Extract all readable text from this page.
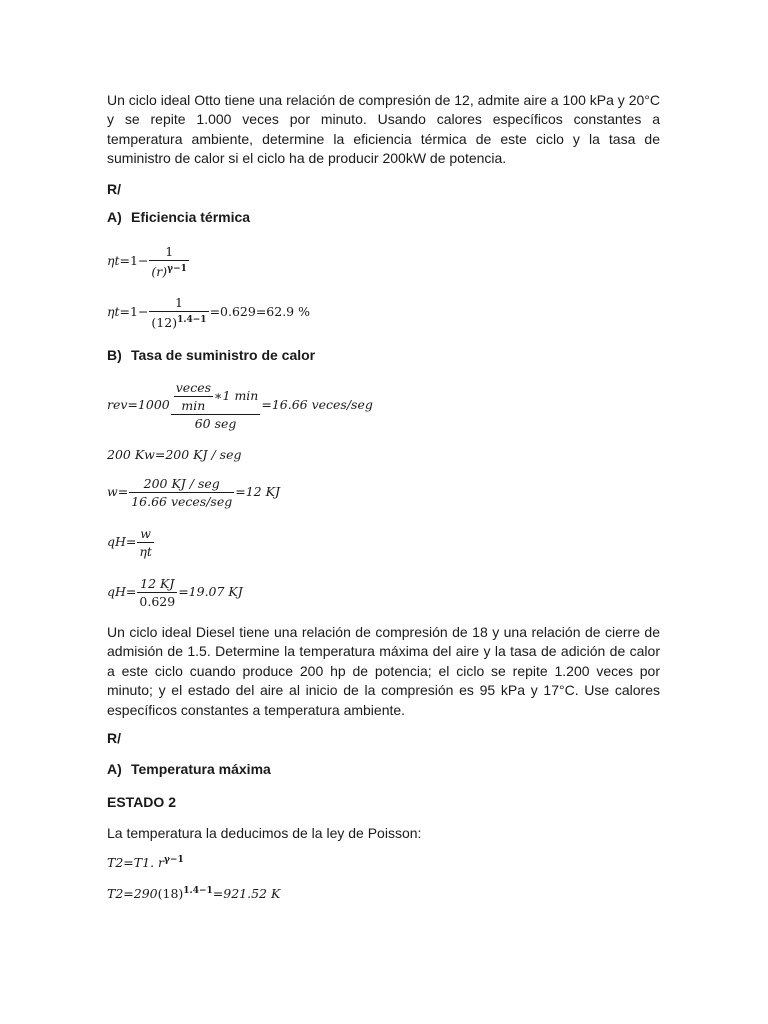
Un ciclo ideal Otto tiene una relación de compresión de 12, admite aire a 100 kPa y 20°C y se repite 1.000 veces por minuto. Usando calores específicos constantes a temperatura ambiente, determine la eficiencia térmica de este ciclo y la tasa de suministro de calor si el ciclo ha de producir 200kW de potencia.

R/

A) Eficiencia térmica

$\eta t=1- \frac{1}{(r)^{\gamma-1}}$
$\eta t=1- \frac{1}{(12)^{1.4-1}} =0.629=62.9$ %

B) Tasa de suministro de calor

$rev=1000 \frac{\frac{\text{veces}}{\min} ∗1 \min}{\text{60 seg}} =16.66$ veces/seg
200 Kw=200 KJ / seg
$w= \frac{\text{200 KJ / seg}}{\text{16.66 veces/seg}} =12$ KJ
$qH= \frac{w}{\eta t}$
$qH= \frac{12 KJ}{0.629} =19.07$ KJ

Un ciclo ideal Diesel tiene una relación de compresión de 18 y una relación de cierre de admisión de 1.5. Determine la temperatura máxima del aire y la tasa de adición de calor a este ciclo cuando produce 200 hp de potencia; el ciclo se repite 1.200 veces por minuto; y el estado del aire al inicio de la compresión es 95 kPa y 17°C. Use calores específicos constantes a temperatura ambiente.

R/

A) Temperatura máxima

ESTADO 2

La temperatura la deducimos de la ley de Poisson:

T2=T1. $r^{\gamma-1}$
$T2=290(18)^{1.4-1}=921.52$ K
